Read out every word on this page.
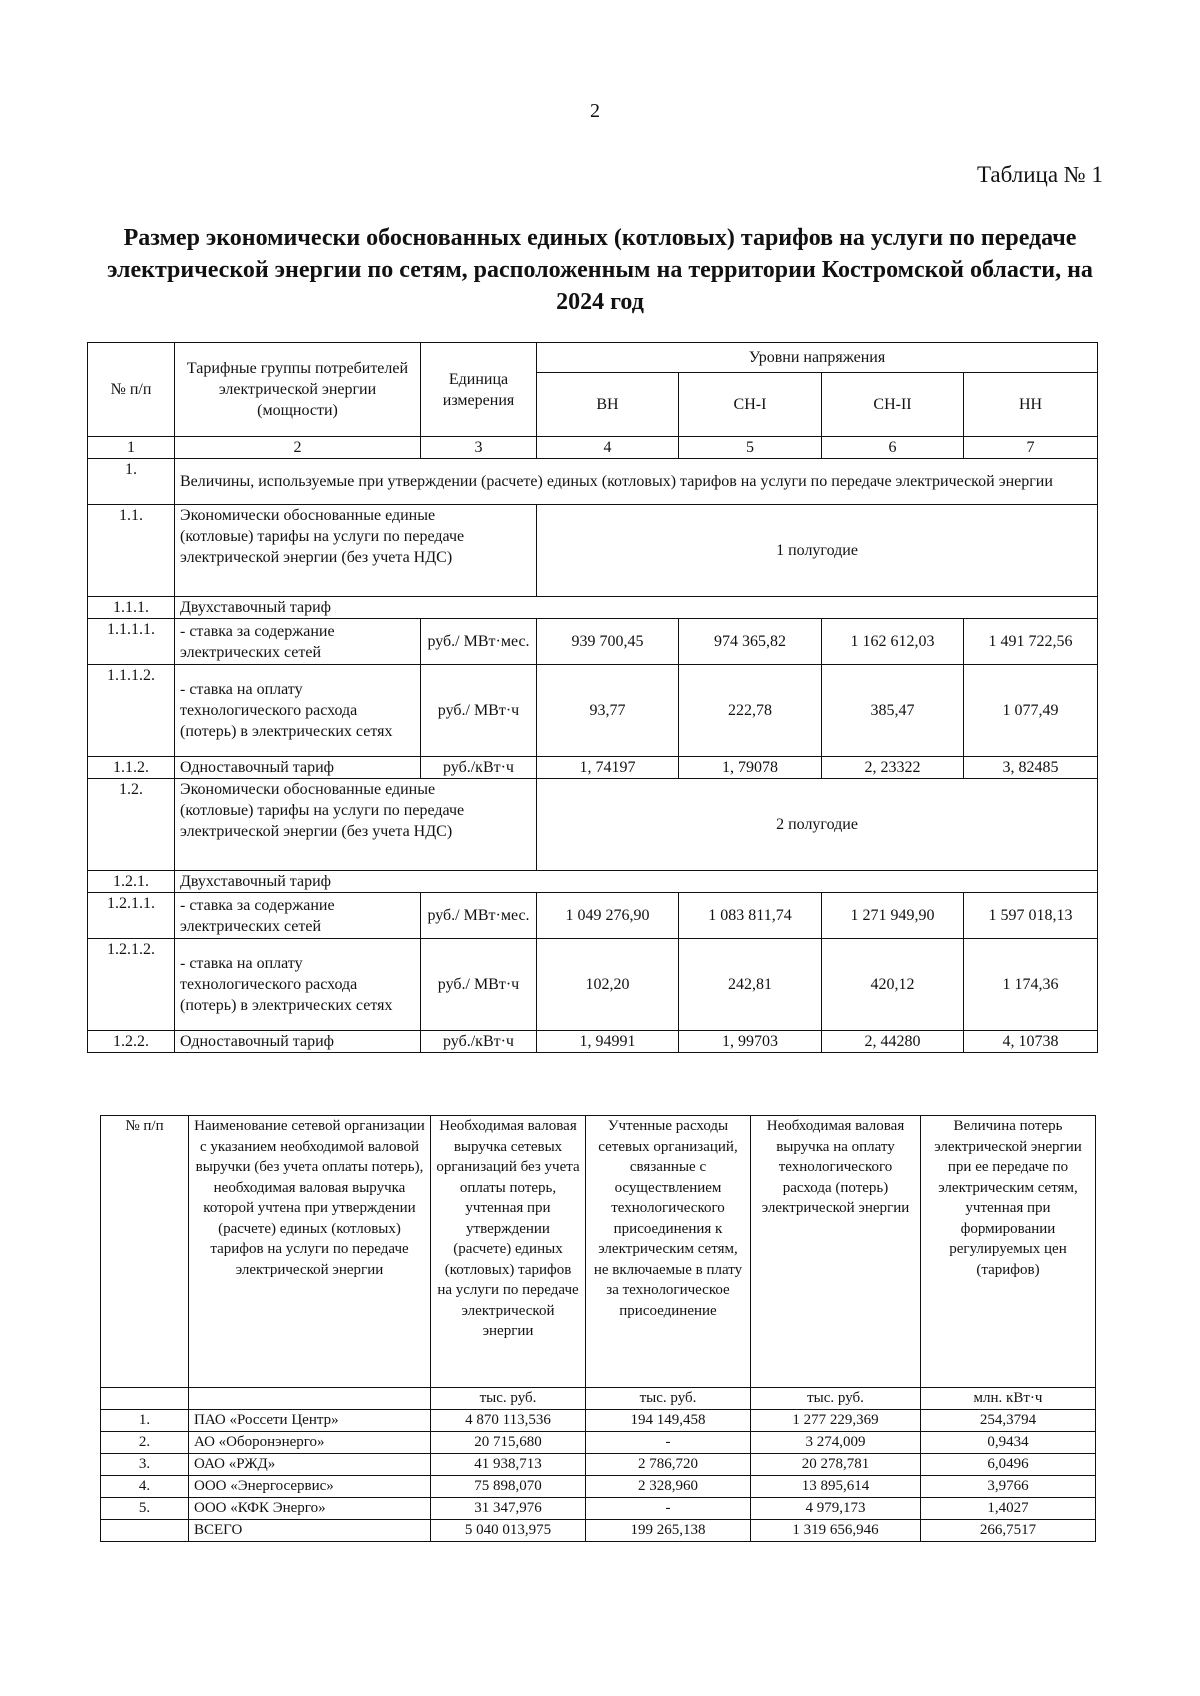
2
Таблица № 1
Размер экономически обоснованных единых (котловых) тарифов на услуги по передаче электрической энергии по сетям, расположенным на территории Костромской области, на 2024 год
№ п/п	Тарифные группы потребителей электрической энергии (мощности)	Единица измерения	Уровни напряжения			
			ВН	СН-I	СН-II	НН
1	2	3	4	5	6	7
1.	Величины, используемые при утверждении (расчете) единых (котловых) тарифов на услуги по передаче электрической энергии					
1.1.	Экономически обоснованные единые (котловые) тарифы на услуги по передаче электрической энергии (без учета НДС)		1 полугодие			
1.1.1.	Двухставочный тариф					
1.1.1.1.	- ставка за содержание электрических сетей	руб./ МВт·мес.	939 700,45	974 365,82	1 162 612,03	1 491 722,56
1.1.1.2.	- ставка на оплату технологического расхода (потерь) в электрических сетях	руб./ МВт·ч	93,77	222,78	385,47	1 077,49
1.1.2.	Одноставочный тариф	руб./кВт·ч	1, 74197	1, 79078	2, 23322	3, 82485
1.2.	Экономически обоснованные единые (котловые) тарифы на услуги по передаче электрической энергии (без учета НДС)		2 полугодие			
1.2.1.	Двухставочный тариф					
1.2.1.1.	- ставка за содержание электрических сетей	руб./ МВт·мес.	1 049 276,90	1 083 811,74	1 271 949,90	1 597 018,13
1.2.1.2.	- ставка на оплату технологического расхода (потерь) в электрических сетях	руб./ МВт·ч	102,20	242,81	420,12	1 174,36
1.2.2.	Одноставочный тариф	руб./кВт·ч	1, 94991	1, 99703	2, 44280	4, 10738
№ п/п	Наименование сетевой организации с указанием необходимой валовой выручки (без учета оплаты потерь), необходимая валовая выручка которой учтена при утверждении (расчете) единых (котловых) тарифов на услуги по передаче электрической энергии	Необходимая валовая выручка сетевых организаций без учета оплаты потерь, учтенная при утверждении (расчете) единых (котловых) тарифов на услуги по передаче электрической энергии	Учтенные расходы сетевых организаций, связанные с осуществлением технологического присоединения к электрическим сетям, не включаемые в плату за технологическое присоединение	Необходимая валовая выручка на оплату технологического расхода (потерь) электрической энергии	Величина потерь электрической энергии при ее передаче по электрическим сетям, учтенная при формировании регулируемых цен (тарифов)
		тыс. руб.	тыс. руб.	тыс. руб.	млн. кВт·ч
1.	ПАО «Россети Центр»	4 870 113,536	194 149,458	1 277 229,369	254,3794
2.	АО «Оборонэнерго»	20 715,680	-	3 274,009	0,9434
3.	ОАО «РЖД»	41 938,713	2 786,720	20 278,781	6,0496
4.	ООО «Энергосервис»	75 898,070	2 328,960	13 895,614	3,9766
5.	ООО «КФК Энерго»	31 347,976	-	4 979,173	1,4027
	ВСЕГО	5 040 013,975	199 265,138	1 319 656,946	266,7517
